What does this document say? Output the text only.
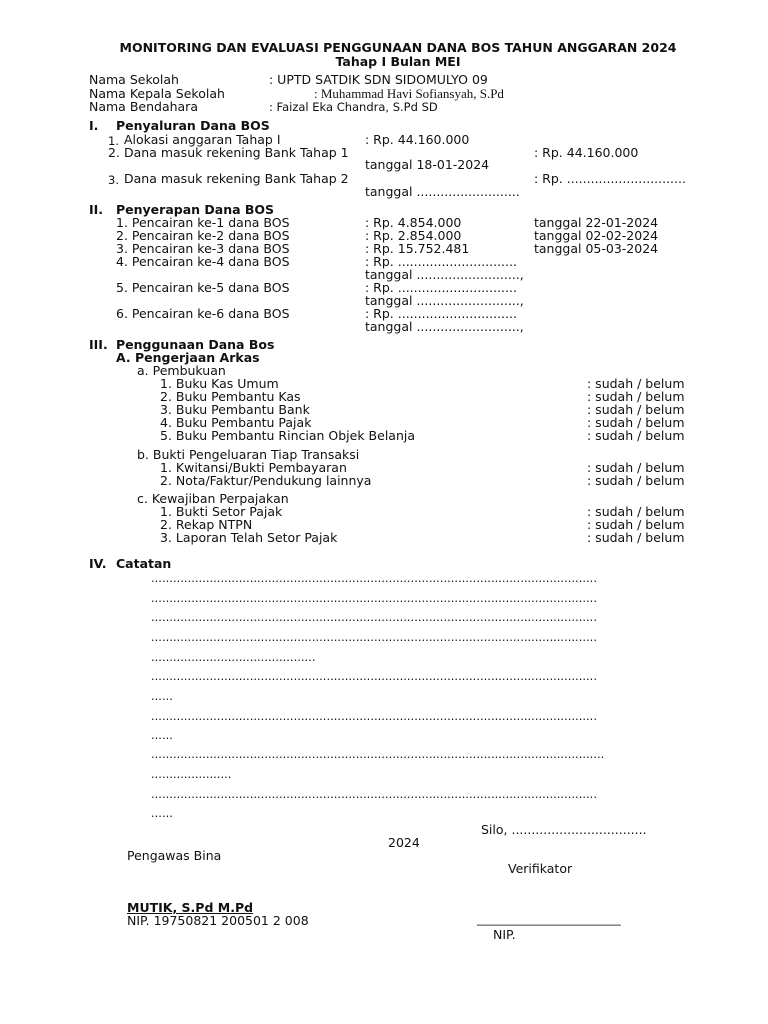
MONITORING DAN EVALUASI PENGGUNAAN DANA BOS TAHUN ANGGARAN 2024
Tahap I Bulan MEI
Nama Sekolah	: UPTD SATDIK SDN SIDOMULYO 09
Nama Kepala Sekolah	: Muhammad Havi Sofiansyah, S.Pd
Nama Bendahara	: Faizal Eka Chandra, S.Pd SD
I. Penyaluran Dana BOS
1. Alokasi anggaran Tahap I	: Rp. 44.160.000
2. Dana masuk rekening Bank Tahap 1	: Rp. 44.160.000
tanggal 18-01-2024
3. Dana masuk rekening Bank Tahap 2	: Rp. ..............................
tanggal ..........................
II. Penyerapan Dana BOS
1. Pencairan ke-1 dana BOS	: Rp. 4.854.000	tanggal 22-01-2024
2. Pencairan ke-2 dana BOS	: Rp. 2.854.000	tanggal 02-02-2024
3. Pencairan ke-3 dana BOS	: Rp. 15.752.481	tanggal 05-03-2024
4. Pencairan ke-4 dana BOS	: Rp. ..............................
tanggal ..........................,
5. Pencairan ke-5 dana BOS	: Rp. ..............................
tanggal ..........................,
6. Pencairan ke-6 dana BOS	: Rp. ..............................
tanggal ..........................,
III. Penggunaan Dana Bos
A. Pengerjaan Arkas
a. Pembukuan
1. Buku Kas Umum	: sudah / belum
2. Buku Pembantu Kas	: sudah / belum
3. Buku Pembantu Bank	: sudah / belum
4. Buku Pembantu Pajak	: sudah / belum
5. Buku Pembantu Rincian Objek Belanja	: sudah / belum
b. Bukti Pengeluaran Tiap Transaksi
1. Kwitansi/Bukti Pembayaran	: sudah / belum
2. Nota/Faktur/Pendukung lainnya	: sudah / belum
c. Kewajiban Perpajakan
1. Bukti Setor Pajak	: sudah / belum
2. Rekap NTPN	: sudah / belum
3. Laporan Telah Setor Pajak	: sudah / belum
IV. Catatan
..........................................................................................................................
..........................................................................................................................
..........................................................................................................................
..........................................................................................................................
.............................................
..........................................................................................................................
......
..........................................................................................................................
......
............................................................................................................................
......................
..........................................................................................................................
......
Silo, ..................................
2024
Pengawas Bina
Verifikator
MUTIK, S.Pd M.Pd
NIP. 19750821 200501 2 008	_________________________
NIP.
